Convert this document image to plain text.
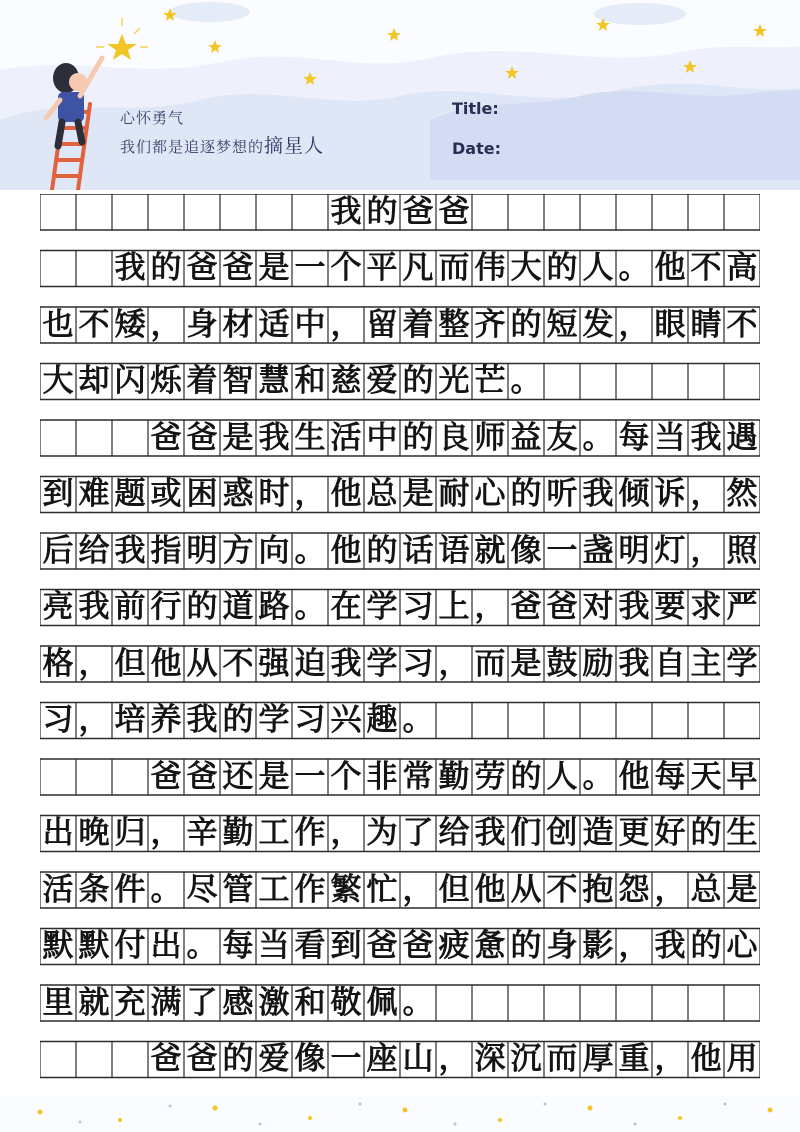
心怀勇气
我们都是追逐梦想的摘星人
Title:
Date:
我 的 爸 爸
我 的 爸 爸 是 一 个 平 凡 而 伟 大 的 人 。 他 不 高
也 不 矮 ， 身 材 适 中 ， 留 着 整 齐 的 短 发 ， 眼 睛 不
大 却 闪 烁 着 智 慧 和 慈 爱 的 光 芒 。
爸 爸 是 我 生 活 中 的 良 师 益 友 。 每 当 我 遇
到 难 题 或 困 惑 时 ， 他 总 是 耐 心 的 听 我 倾 诉 ， 然
后 给 我 指 明 方 向 。 他 的 话 语 就 像 一 盏 明 灯 ， 照
亮 我 前 行 的 道 路 。 在 学 习 上 ， 爸 爸 对 我 要 求 严
格 ， 但 他 从 不 强 迫 我 学 习 ， 而 是 鼓 励 我 自 主 学
习 ， 培 养 我 的 学 习 兴 趣 。
爸 爸 还 是 一 个 非 常 勤 劳 的 人 。 他 每 天 早
出 晚 归 ， 辛 勤 工 作 ， 为 了 给 我 们 创 造 更 好 的 生
活 条 件 。 尽 管 工 作 繁 忙 ， 但 他 从 不 抱 怨 ， 总 是
默 默 付 出 。 每 当 看 到 爸 爸 疲 惫 的 身 影 ， 我 的 心
里 就 充 满 了 感 激 和 敬 佩 。
爸 爸 的 爱 像 一 座 山 ， 深 沉 而 厚 重 ， 他 用
